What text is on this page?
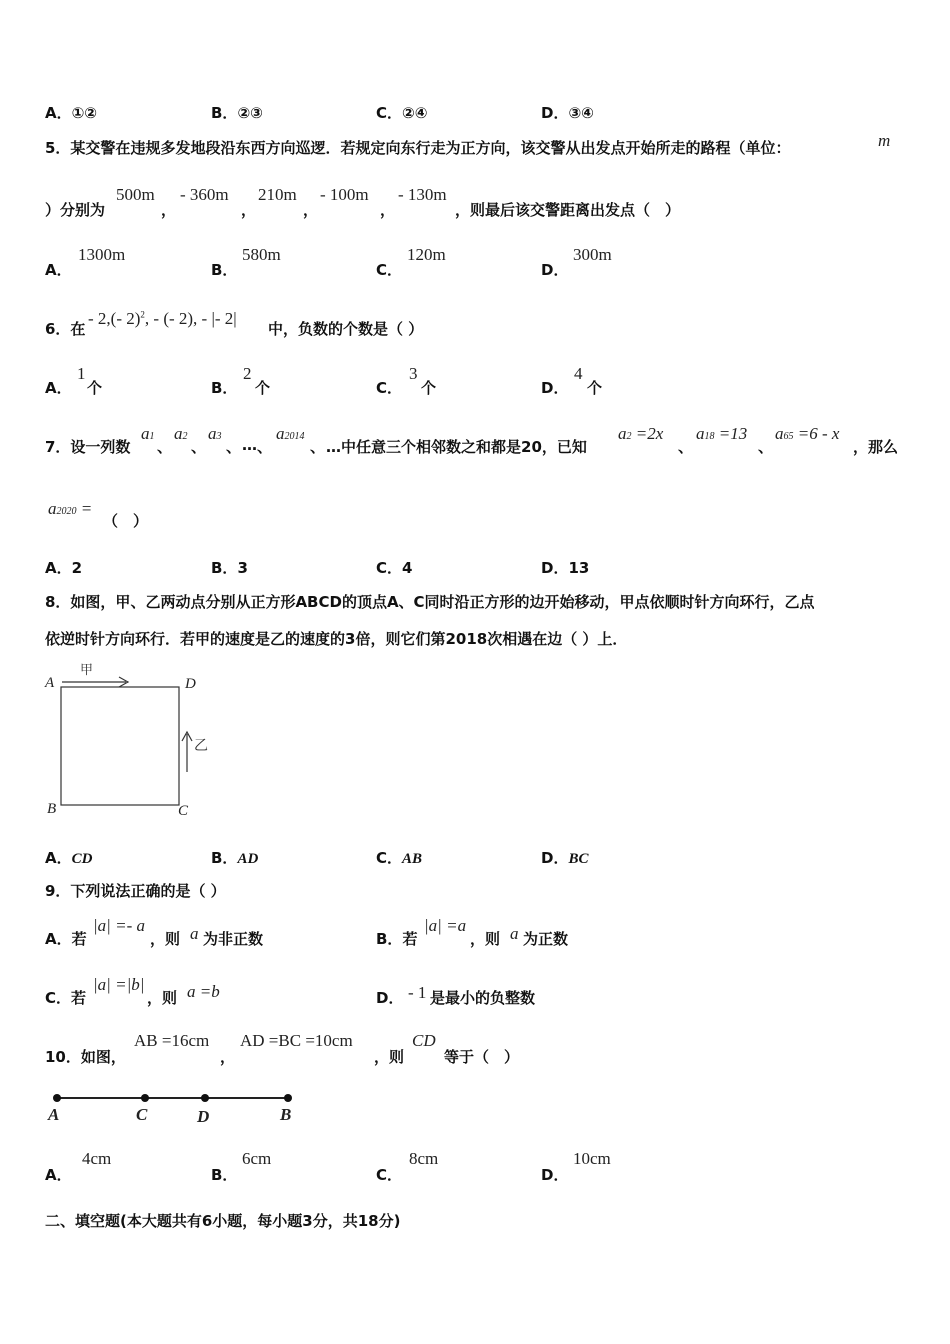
A．①②	B．②③	C．②④	D．③④
5．某交警在违规多发地段沿东西方向巡逻．若规定向东行走为正方向，该交警从出发点开始所走的路程（单位：	m
）分别为
500m
，
- 360m
，
210m
，
- 100m
，
- 130m
，则最后该交警距离出发点（　）
A．
1300m
B．
580m
C．
120m
D．
300m
6．在
- 2,(- 2)$^2$, - (- 2), - |- 2|
中，负数的个数是（ ）
A．
1
个	B．
2
个	C．
3
个	D．
4
个
7．设一列数
a1
、
a2
、
a3
、 … 、
a2014
、 …中任意三个相邻数之和都是20，已知
a2 =2x
、
a18 =13
、
a65 =6 - x
，那么
a2020 =
（　）
A．2	B．3	C．4	D．13
8．如图，甲、乙两动点分别从正方形ABCD的顶点A、C同时沿正方形的边开始移动，甲点依顺时针方向环行，乙点
依逆时针方向环行．若甲的速度是乙的速度的3倍，则它们第2018次相遇在边（ ）上．
A	D
B	C
甲
乙
A．CD	B．AD	C．AB	D．BC
9．下列说法正确的是（ ）
A．若
|a| =- a
，则 a 为非正数	B．若
|a| =a
，则 a 为正数
C．若
|a| =|b|
，则 a =b	D． - 1 是最小的负整数
10．如图，
AB =16cm
，
AD =BC =10cm
，则
CD
等于（　）
A	C	D	B
A．
4cm
B．
6cm
C．
8cm
D．
10cm
二、填空题(本大题共有6小题，每小题3分，共18分)
